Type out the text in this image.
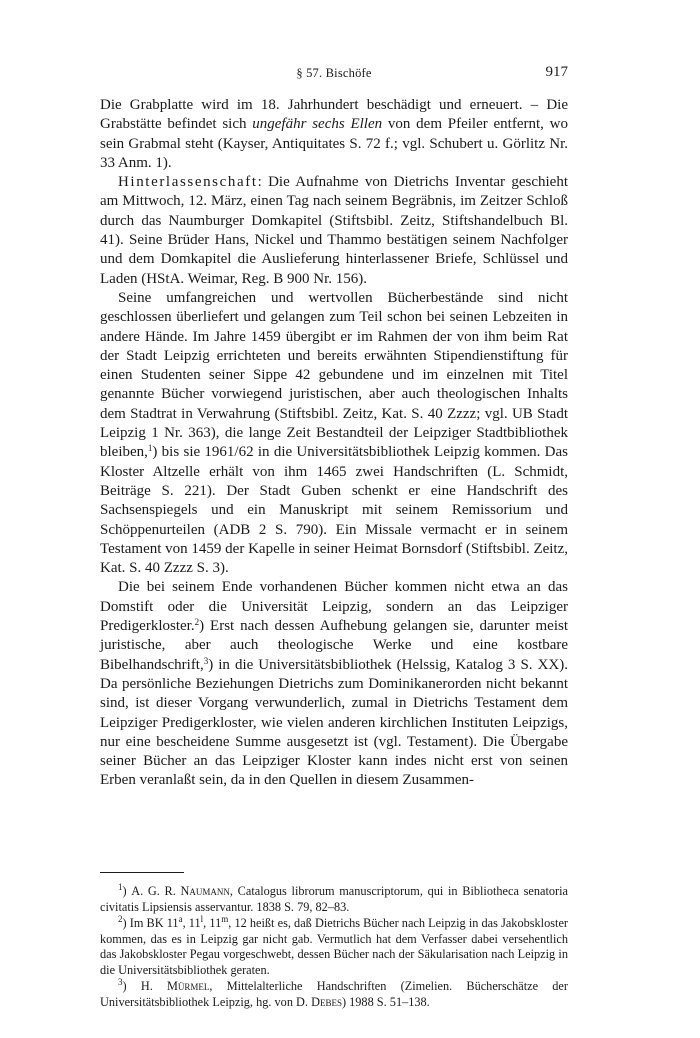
§ 57. Bischöfe	917

Die Grabplatte wird im 18. Jahrhundert beschädigt und erneuert. – Die Grabstätte befindet sich ungefähr sechs Ellen von dem Pfeiler entfernt, wo sein Grabmal steht (Kayser, Antiquitates S. 72 f.; vgl. Schubert u. Görlitz Nr. 33 Anm. 1).

Hinterlassenschaft: Die Aufnahme von Dietrichs Inventar geschieht am Mittwoch, 12. März, einen Tag nach seinem Begräbnis, im Zeitzer Schloß durch das Naumburger Domkapitel (Stiftsbibl. Zeitz, Stiftshandelbuch Bl. 41). Seine Brüder Hans, Nickel und Thammo bestätigen seinem Nachfolger und dem Domkapitel die Auslieferung hinterlassener Briefe, Schlüssel und Laden (HStA. Weimar, Reg. B 900 Nr. 156).

Seine umfangreichen und wertvollen Bücherbestände sind nicht geschlossen überliefert und gelangen zum Teil schon bei seinen Lebzeiten in andere Hände. Im Jahre 1459 übergibt er im Rahmen der von ihm beim Rat der Stadt Leipzig errichteten und bereits erwähnten Stipendienstiftung für einen Studenten seiner Sippe 42 gebundene und im einzelnen mit Titel genannte Bücher vorwiegend juristischen, aber auch theologischen Inhalts dem Stadtrat in Verwahrung (Stiftsbibl. Zeitz, Kat. S. 40 Zzzz; vgl. UB Stadt Leipzig 1 Nr. 363), die lange Zeit Bestandteil der Leipziger Stadtbibliothek bleiben,$^1$) bis sie 1961/62 in die Universitätsbibliothek Leipzig kommen. Das Kloster Altzelle erhält von ihm 1465 zwei Handschriften (L. Schmidt, Beiträge S. 221). Der Stadt Guben schenkt er eine Handschrift des Sachsenspiegels und ein Manuskript mit seinem Remissorium und Schöppenurteilen (ADB 2 S. 790). Ein Missale vermacht er in seinem Testament von 1459 der Kapelle in seiner Heimat Bornsdorf (Stiftsbibl. Zeitz, Kat. S. 40 Zzzz S. 3).

Die bei seinem Ende vorhandenen Bücher kommen nicht etwa an das Domstift oder die Universität Leipzig, sondern an das Leipziger Predigerkloster.$^2$) Erst nach dessen Aufhebung gelangen sie, darunter meist juristische, aber auch theologische Werke und eine kostbare Bibelhandschrift,$^3$) in die Universitätsbibliothek (Helssig, Katalog 3 S. XX). Da persönliche Beziehungen Dietrichs zum Dominikanerorden nicht bekannt sind, ist dieser Vorgang verwunderlich, zumal in Dietrichs Testament dem Leipziger Predigerkloster, wie vielen anderen kirchlichen Instituten Leipzigs, nur eine bescheidene Summe ausgesetzt ist (vgl. Testament). Die Übergabe seiner Bücher an das Leipziger Kloster kann indes nicht erst von seinen Erben veranlaßt sein, da in den Quellen in diesem Zusammen-

$^1$) A. G. R. Naumann, Catalogus librorum manuscriptorum, qui in Bibliotheca senatoria civitatis Lipsiensis asservantur. 1838 S. 79, 82–83.

$^2$) Im BK 11$^a$, 11$^l$, 11$^m$, 12 heißt es, daß Dietrichs Bücher nach Leipzig in das Jakobskloster kommen, das es in Leipzig gar nicht gab. Vermutlich hat dem Verfasser dabei versehentlich das Jakobskloster Pegau vorgeschwebt, dessen Bücher nach der Säkularisation nach Leipzig in die Universitätsbibliothek geraten.

$^3$) H. Mürmel, Mittelalterliche Handschriften (Zimelien. Bücherschätze der Universitätsbibliothek Leipzig, hg. von D. Debes) 1988 S. 51–138.
